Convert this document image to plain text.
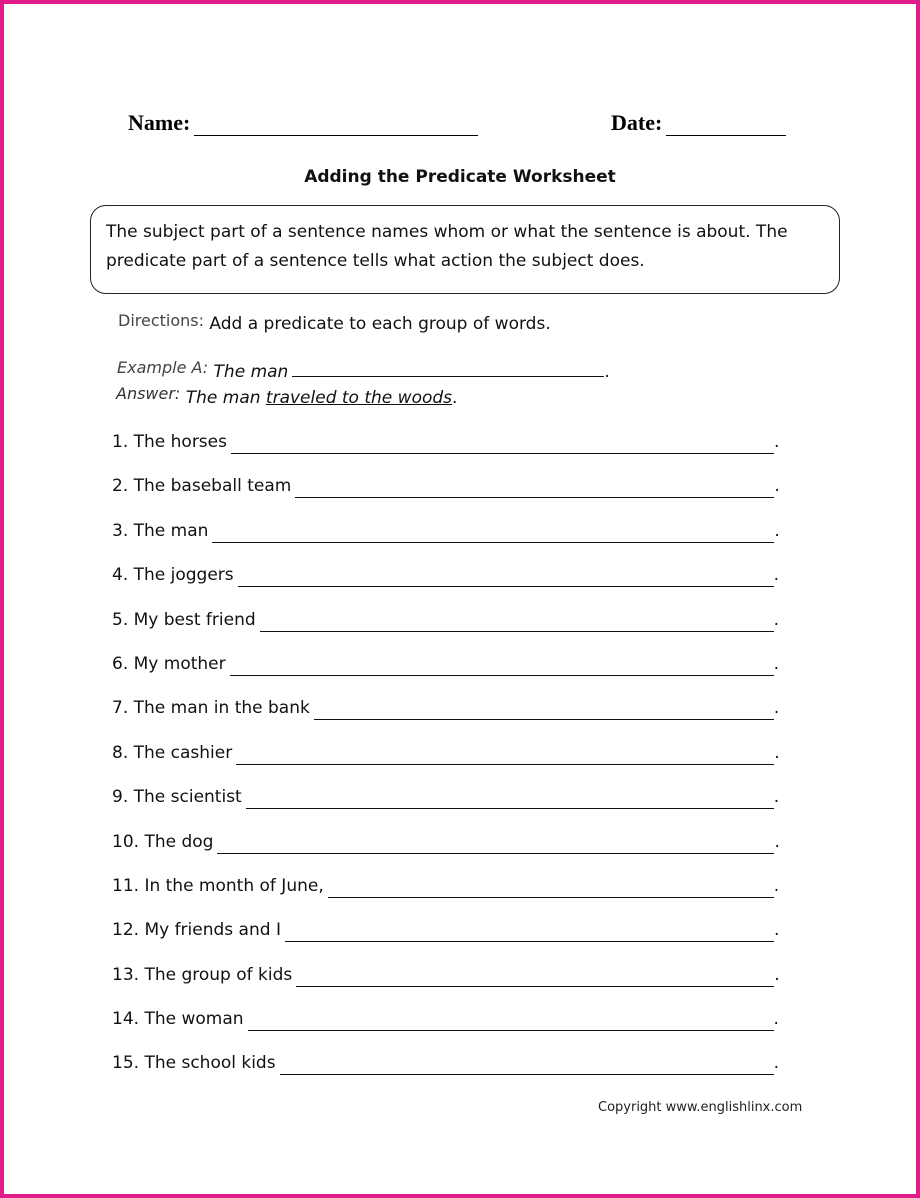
Name:	Date:
Adding the Predicate Worksheet
The subject part of a sentence names whom or what the sentence is about. The
predicate part of a sentence tells what action the subject does.
Directions: Add a predicate to each group of words.
Example A: The man	.
Answer: The man traveled to the woods.
1. The horses	.
2. The baseball team	.
3. The man	.
4. The joggers	.
5. My best friend	.
6. My mother	.
7. The man in the bank	.
8. The cashier	.
9. The scientist	.
10. The dog	.
11. In the month of June,	.
12. My friends and I	.
13. The group of kids	.
14. The woman	.
15. The school kids	.
Copyright www.englishlinx.com
